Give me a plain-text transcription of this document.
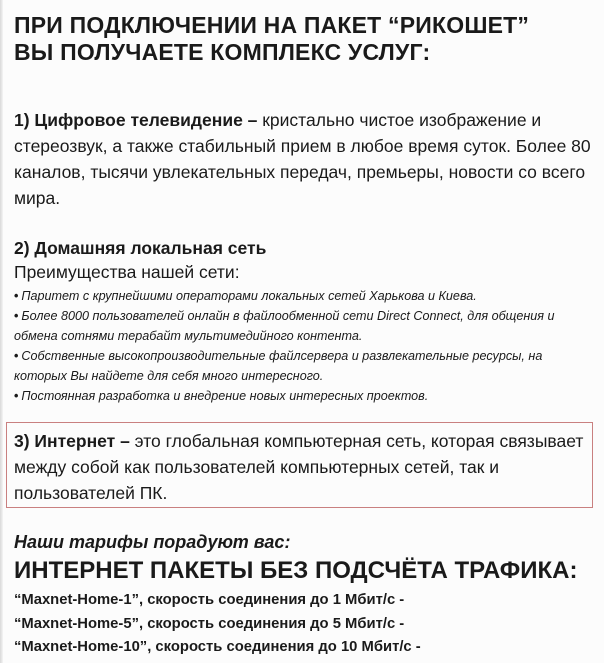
ПРИ ПОДКЛЮЧЕНИИ НА ПАКЕТ “РИКОШЕТ”
ВЫ ПОЛУЧАЕТЕ КОМПЛЕКС УСЛУГ:
1) Цифровое телевидение – кристально чистое изображение и стереозвук, а также стабильный прием в любое время суток. Более 80 каналов, тысячи увлекательных передач, премьеры, новости со всего мира.
2) Домашняя локальная сеть
Преимущества нашей сети:
• Паритет с крупнейшими операторами локальных сетей Харькова и Киева.
• Более 8000 пользователей онлайн в файлообменной сети Direct Connect, для общения и обмена сотнями терабайт мультимедийного контента.
• Собственные высокопроизводительные файлсервера и развлекательные ресурсы, на которых Вы найдете для себя много интересного.
• Постоянная разработка и внедрение новых интересных проектов.
3) Интернет – это глобальная компьютерная сеть, которая связывает между собой как пользователей компьютерных сетей, так и пользователей ПК.
Наши тарифы порадуют вас:
ИНТЕРНЕТ ПАКЕТЫ БЕЗ ПОДСЧЁТА ТРАФИКА:
“Maxnet-Home-1”, скорость соединения до 1 Мбит/с -
“Maxnet-Home-5”, скорость соединения до 5 Мбит/с -
“Maxnet-Home-10”, скорость соединения до 10 Мбит/с -
